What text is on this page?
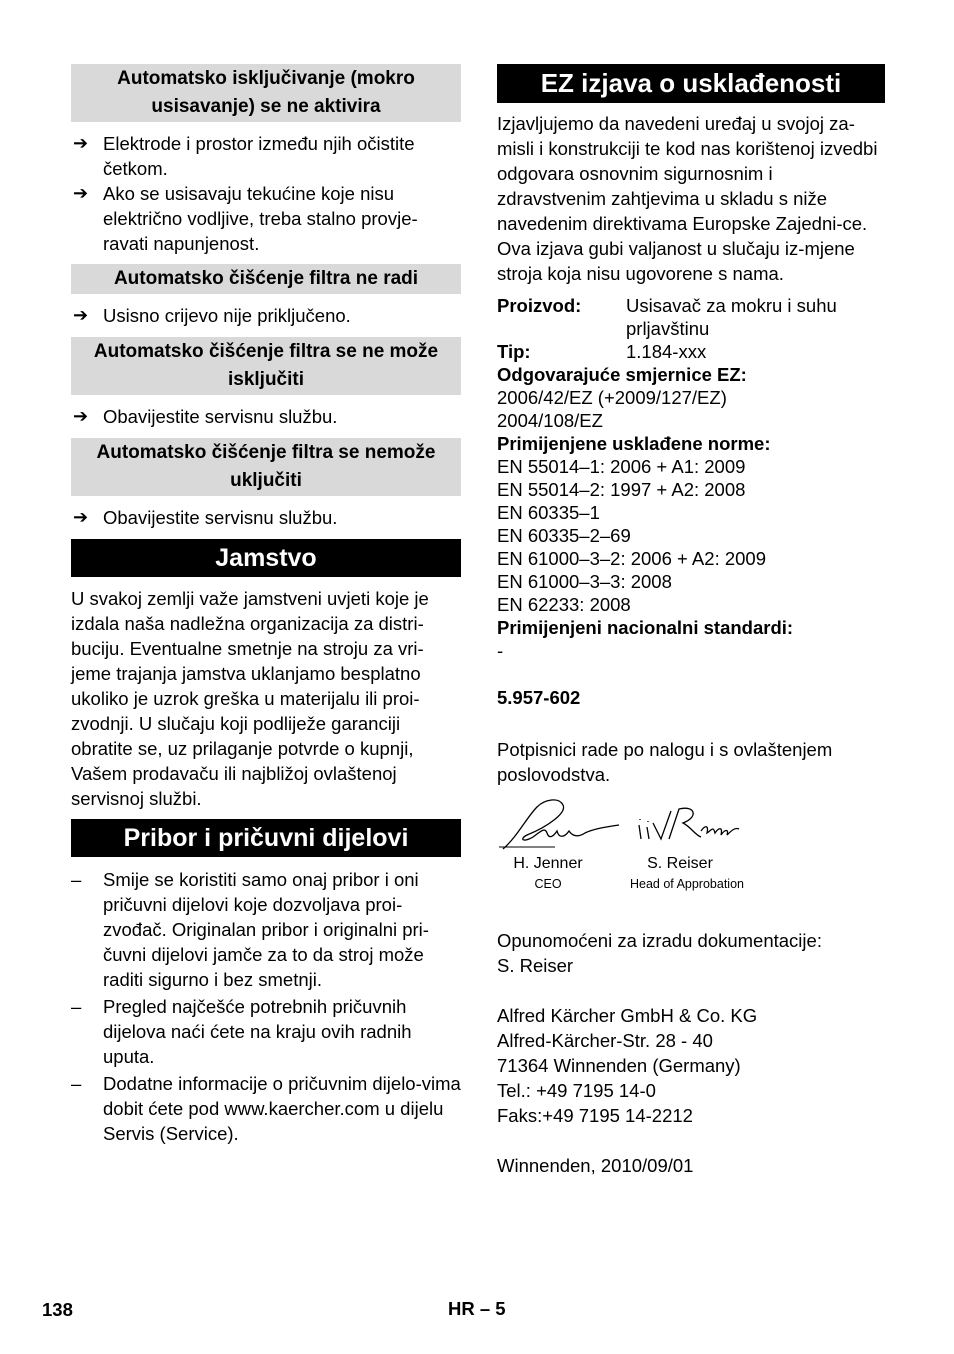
Automatsko isključivanje (mokro usisavanje) se ne aktivira
➔ Elektrode i prostor između njih očistite četkom.
➔ Ako se usisavaju tekućine koje nisu električno vodljive, treba stalno provje-ravati napunjenost.
Automatsko čišćenje filtra ne radi
➔ Usisno crijevo nije priključeno.
Automatsko čišćenje filtra se ne može isključiti
➔ Obavijestite servisnu službu.
Automatsko čišćenje filtra se nemože uključiti
➔ Obavijestite servisnu službu.
Jamstvo
U svakoj zemlji važe jamstveni uvjeti koje je izdala naša nadležna organizacija za distri-buciju. Eventualne smetnje na stroju za vri-jeme trajanja jamstva uklanjamo besplatno ukoliko je uzrok greška u materijalu ili proi-zvodnji. U slučaju koji podliježe garanciji obratite se, uz prilaganje potvrde o kupnji, Vašem prodavaču ili najbližoj ovlaštenoj servisnoj službi.
Pribor i pričuvni dijelovi
– Smije se koristiti samo onaj pribor i oni pričuvni dijelovi koje dozvoljava proi-zvođač. Originalan pribor i originalni pri-čuvni dijelovi jamče za to da stroj može raditi sigurno i bez smetnji.
– Pregled najčešće potrebnih pričuvnih dijelova naći ćete na kraju ovih radnih uputa.
– Dodatne informacije o pričuvnim dijelo-vima dobit ćete pod www.kaercher.com u dijelu Servis (Service).
EZ izjava o usklađenosti
Izjavljujemo da navedeni uređaj u svojoj za-misli i konstrukciji te kod nas korištenoj izvedbi odgovara osnovnim sigurnosnim i zdravstvenim zahtjevima u skladu s niže navedenim direktivama Europske Zajedni-ce. Ova izjava gubi valjanost u slučaju iz-mjene stroja koja nisu ugovorene s nama.
Proizvod:	Usisavač za mokru i suhu prljavštinu
Tip:	1.184-xxx
Odgovarajuće smjernice EZ:
2006/42/EZ (+2009/127/EZ)
2004/108/EZ
Primijenjene usklađene norme:
EN 55014–1: 2006 + A1: 2009
EN 55014–2: 1997 + A2: 2008
EN 60335–1
EN 60335–2–69
EN 61000–3–2: 2006 + A2: 2009
EN 61000–3–3: 2008
EN 62233: 2008
Primijenjeni nacionalni standardi:
-
5.957-602
Potpisnici rade po nalogu i s ovlaštenjem poslovodstva.
H. Jenner
CEO
S. Reiser
Head of Approbation
Opunomoćeni za izradu dokumentacije:
S. Reiser
Alfred Kärcher GmbH & Co. KG
Alfred-Kärcher-Str. 28 - 40
71364 Winnenden (Germany)
Tel.: +49 7195 14-0
Faks:+49 7195 14-2212
Winnenden, 2010/09/01
138	HR – 5
